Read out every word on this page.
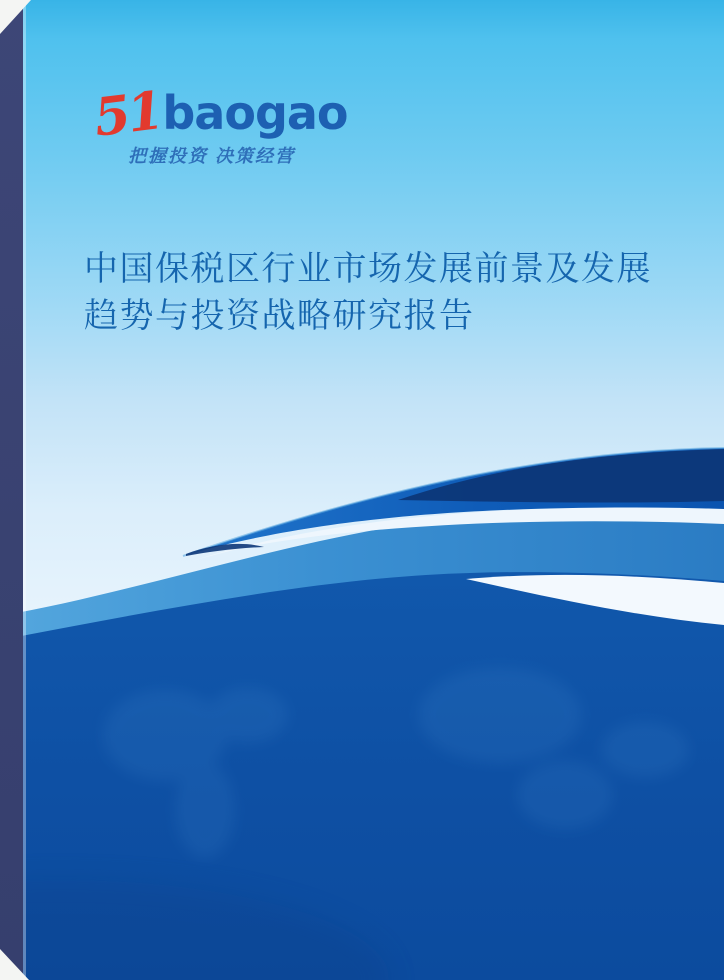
51
baogao
把握投资 决策经营
中国保税区行业市场发展前景及发展
趋势与投资战略研究报告
